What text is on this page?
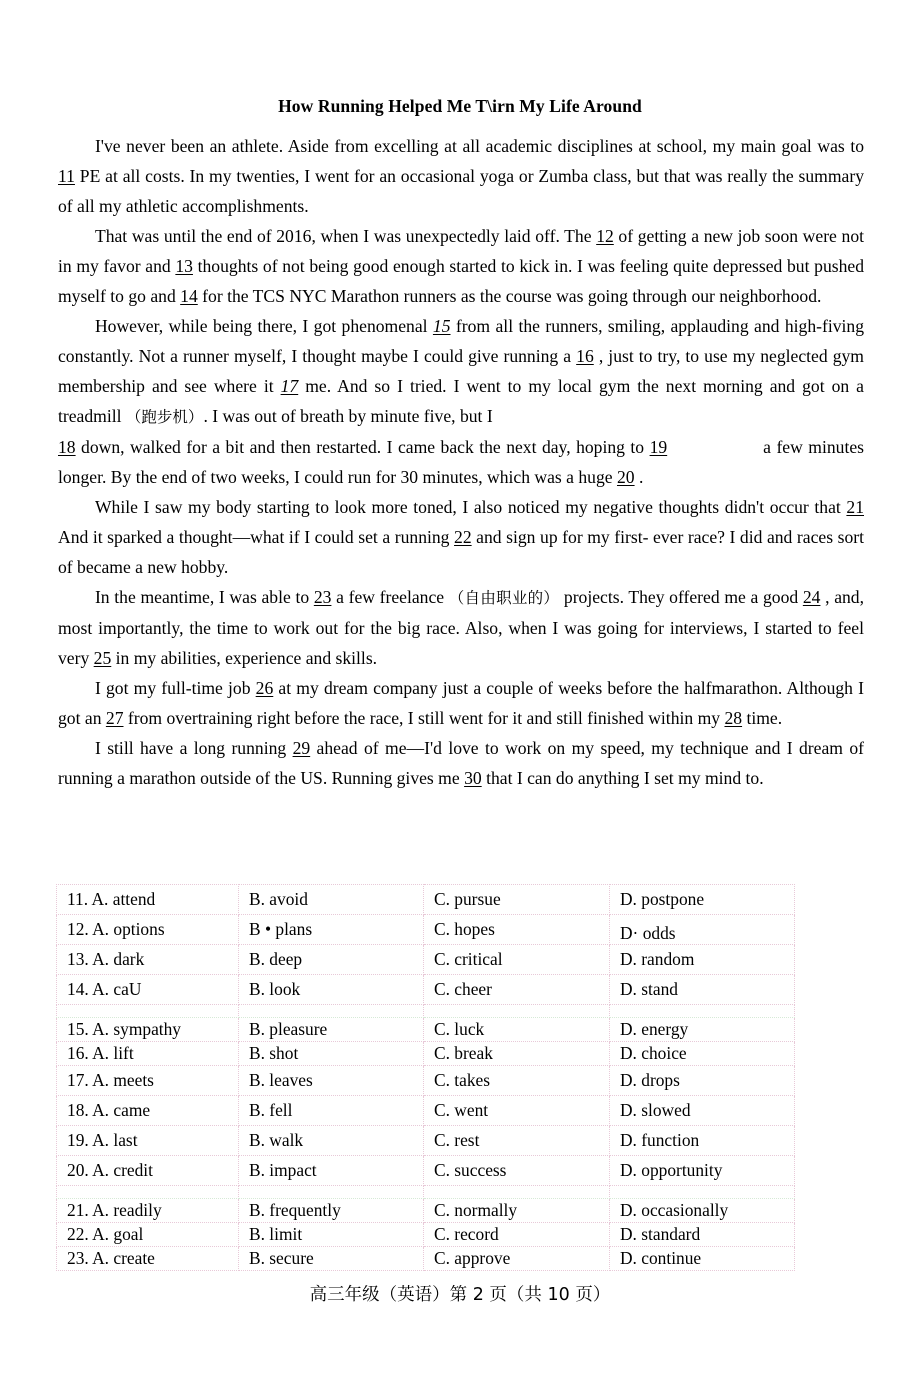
How Running Helped Me T\irn My Life Around

I've never been an athlete. Aside from excelling at all academic disciplines at school, my main goal was to 11 PE at all costs. In my twenties, I went for an occasional yoga or Zumba class, but that was really the summary of all my athletic accomplishments.

That was until the end of 2016, when I was unexpectedly laid off. The 12 of getting a new job soon were not in my favor and 13 thoughts of not being good enough started to kick in. I was feeling quite depressed but pushed myself to go and 14 for the TCS NYC Marathon runners as the course was going through our neighborhood.

However, while being there, I got phenomenal 15 from all the runners, smiling, applauding and high-fiving constantly. Not a runner myself, I thought maybe I could give running a 16 , just to try, to use my neglected gym membership and see where it 17 me. And so I tried. I went to my local gym the next morning and got on a treadmill （跑步机）. I was out of breath by minute five, but I

18 down, walked for a bit and then restarted. I came back the next day, hoping to 19	a few minutes longer. By the end of two weeks, I could run for 30 minutes, which was a huge 20 .

While I saw my body starting to look more toned, I also noticed my negative thoughts didn't occur that 21 And it sparked a thought—what if I could set a running 22 and sign up for my first- ever race? I did and races sort of became a new hobby.

In the meantime, I was able to 23 a few freelance （自由职业的） projects. They offered me a good 24 , and, most importantly, the time to work out for the big race. Also, when I was going for interviews, I started to feel very 25 in my abilities, experience and skills.

I got my full-time job 26 at my dream company just a couple of weeks before the halfmarathon. Although I got an 27 from overtraining right before the race, I still went for it and still finished within my 28 time.

I still have a long running 29 ahead of me—I'd love to work on my speed, my technique and I dream of running a marathon outside of the US. Running gives me 30 that I can do anything I set my mind to.

11. A. attend	B. avoid	C. pursue	D. postpone
12. A. options	B • plans	C. hopes	D· odds
13. A. dark	B. deep	C. critical	D. random
14. A. caU	B. look	C. cheer	D. stand

15. A. sympathy	B. pleasure	C. luck	D. energy
16. A. lift	B. shot	C. break	D. choice
17. A. meets	B. leaves	C. takes	D. drops
18. A. came	B. fell	C. went	D. slowed
19. A. last	B. walk	C. rest	D. function
20. A. credit	B. impact	C. success	D. opportunity

21. A. readily	B. frequently	C. normally	D. occasionally
22. A. goal	B. limit	C. record	D. standard
23. A. create	B. secure	C. approve	D. continue
高三年级（英语）第 2 页（共 10 页）
